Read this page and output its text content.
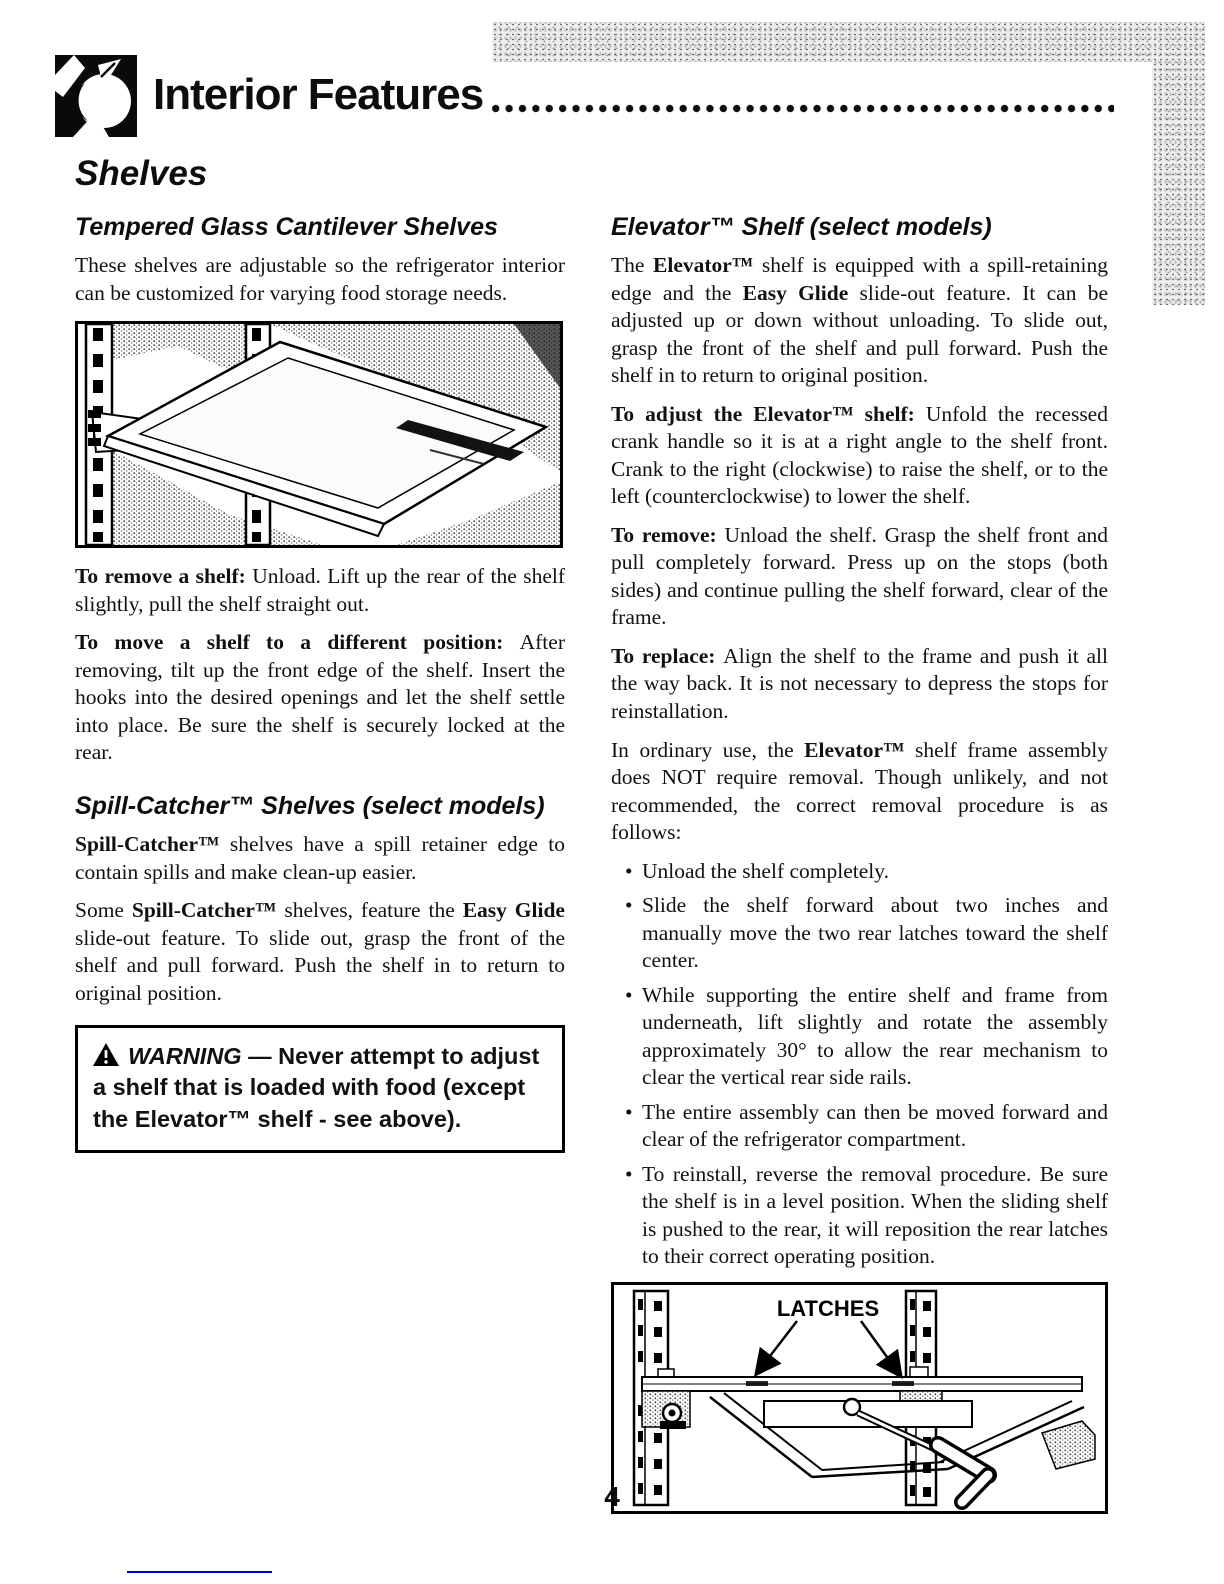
Interior Features
Shelves
Tempered Glass Cantilever Shelves

These shelves are adjustable so the refrigerator interior can be customized for varying food storage needs.

To remove a shelf: Unload. Lift up the rear of the shelf slightly, pull the shelf straight out.

To move a shelf to a different position: After removing, tilt up the front edge of the shelf. Insert the hooks into the desired openings and let the shelf settle into place. Be sure the shelf is securely locked at the rear.

Spill-Catcher™ Shelves (select models)

Spill-Catcher™ shelves have a spill retainer edge to contain spills and make clean-up easier.

Some Spill-Catcher™ shelves, feature the Easy Glide slide-out feature. To slide out, grasp the front of the shelf and pull forward. Push the shelf in to return to original position.

WARNING — Never attempt to adjust a shelf that is loaded with food (except the Elevator™ shelf - see above).

Elevator™ Shelf (select models)

The Elevator™ shelf is equipped with a spill-retaining edge and the Easy Glide slide-out feature. It can be adjusted up or down without unloading. To slide out, grasp the front of the shelf and pull forward. Push the shelf in to return to original position.

To adjust the Elevator™ shelf: Unfold the recessed crank handle so it is at a right angle to the shelf front. Crank to the right (clockwise) to raise the shelf, or to the left (counterclockwise) to lower the shelf.

To remove: Unload the shelf. Grasp the shelf front and pull completely forward. Press up on the stops (both sides) and continue pulling the shelf forward, clear of the frame.

To replace: Align the shelf to the frame and push it all the way back. It is not necessary to depress the stops for reinstallation.

In ordinary use, the Elevator™ shelf frame assembly does NOT require removal. Though unlikely, and not recommended, the correct removal procedure is as follows:

• Unload the shelf completely.
• Slide the shelf forward about two inches and manually move the two rear latches toward the shelf center.
• While supporting the entire shelf and frame from underneath, lift slightly and rotate the assembly approximately 30° to allow the rear mechanism to clear the vertical rear side rails.
• The entire assembly can then be moved forward and clear of the refrigerator compartment.
• To reinstall, reverse the removal procedure. Be sure the shelf is in a level position. When the sliding shelf is pushed to the rear, it will reposition the rear latches to their correct operating position.
LATCHES
4
